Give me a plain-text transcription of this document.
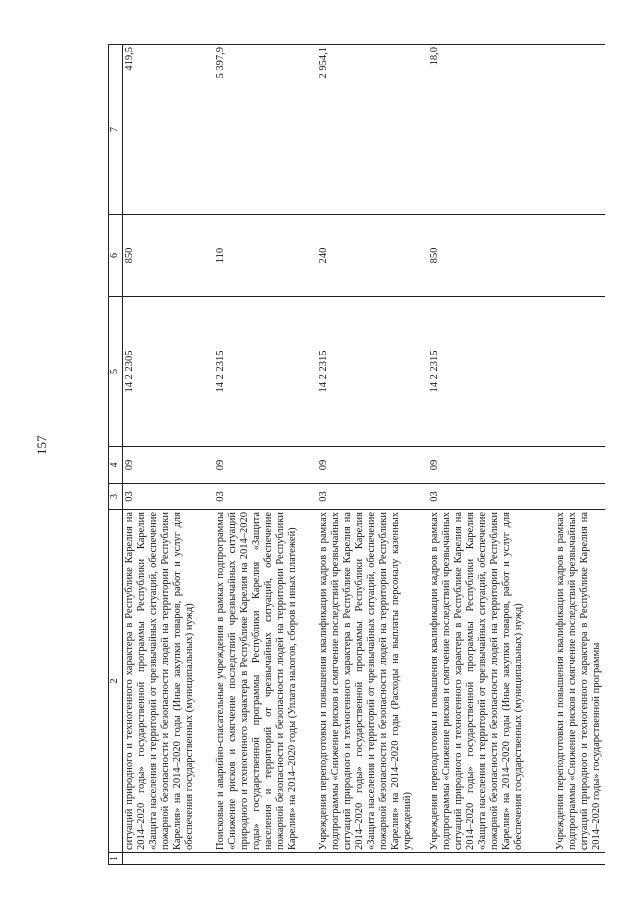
157
1	2	3	4	5	6	7
	ситуаций природного и техногенного характера в Республике Карелия на 2014–2020 годы» государственной программы Республики Карелия «Защита населения и территорий от чрезвычайных ситуаций, обеспечение пожарной безопасности и безопасности людей на территории Республики Карелия» на 2014–2020 годы (Иные закупки товаров, работ и услуг для обеспечения государственных (муниципальных) нужд)	03	09	14 2 2305	850	419,5
	Поисковые и аварийно-спасательные учреждения в рамках подпрограммы «Снижение рисков и смягчение последствий чрезвычайных ситуаций природного и техногенного характера в Республике Карелия на 2014–2020 годы» государственной программы Республики Карелия «Защита населения и территорий от чрезвычайных ситуаций, обеспечение пожарной безопасности и безопасности людей на территории Республики Карелия» на 2014–2020 годы (Уплата налогов, сборов и иных платежей)	03	09	14 2 2315	110	5 397,9
	Учреждения переподготовки и повышения квалификации кадров в рамках подпрограммы «Снижение рисков и смягчение последствий чрезвычайных ситуаций природного и техногенного характера в Республике Карелия на 2014–2020 годы» государственной программы Республики Карелия «Защита населения и территорий от чрезвычайных ситуаций, обеспечение пожарной безопасности и безопасности людей на территории Республики Карелия» на 2014–2020 годы (Расходы на выплаты персоналу казенных учреждений)	03	09	14 2 2315	240	2 954,1
	Учреждения переподготовки и повышения квалификации кадров в рамках подпрограммы «Снижение рисков и смягчение последствий чрезвычайных ситуаций природного и техногенного характера в Республике Карелия на 2014–2020 годы» государственной программы Республики Карелия «Защита населения и территорий от чрезвычайных ситуаций, обеспечение пожарной безопасности и безопасности людей на территории Республики Карелия» на 2014–2020 годы (Иные закупки товаров, работ и услуг для обеспечения государственных (муниципальных) нужд)	03	09	14 2 2315	850	18,0
	Учреждения переподготовки и повышения квалификации кадров в рамках подпрограммы «Снижение рисков и смягчение последствий чрезвычайных ситуаций природного и техногенного характера в Республике Карелия на 2014–2020 годы» государственной программы					
